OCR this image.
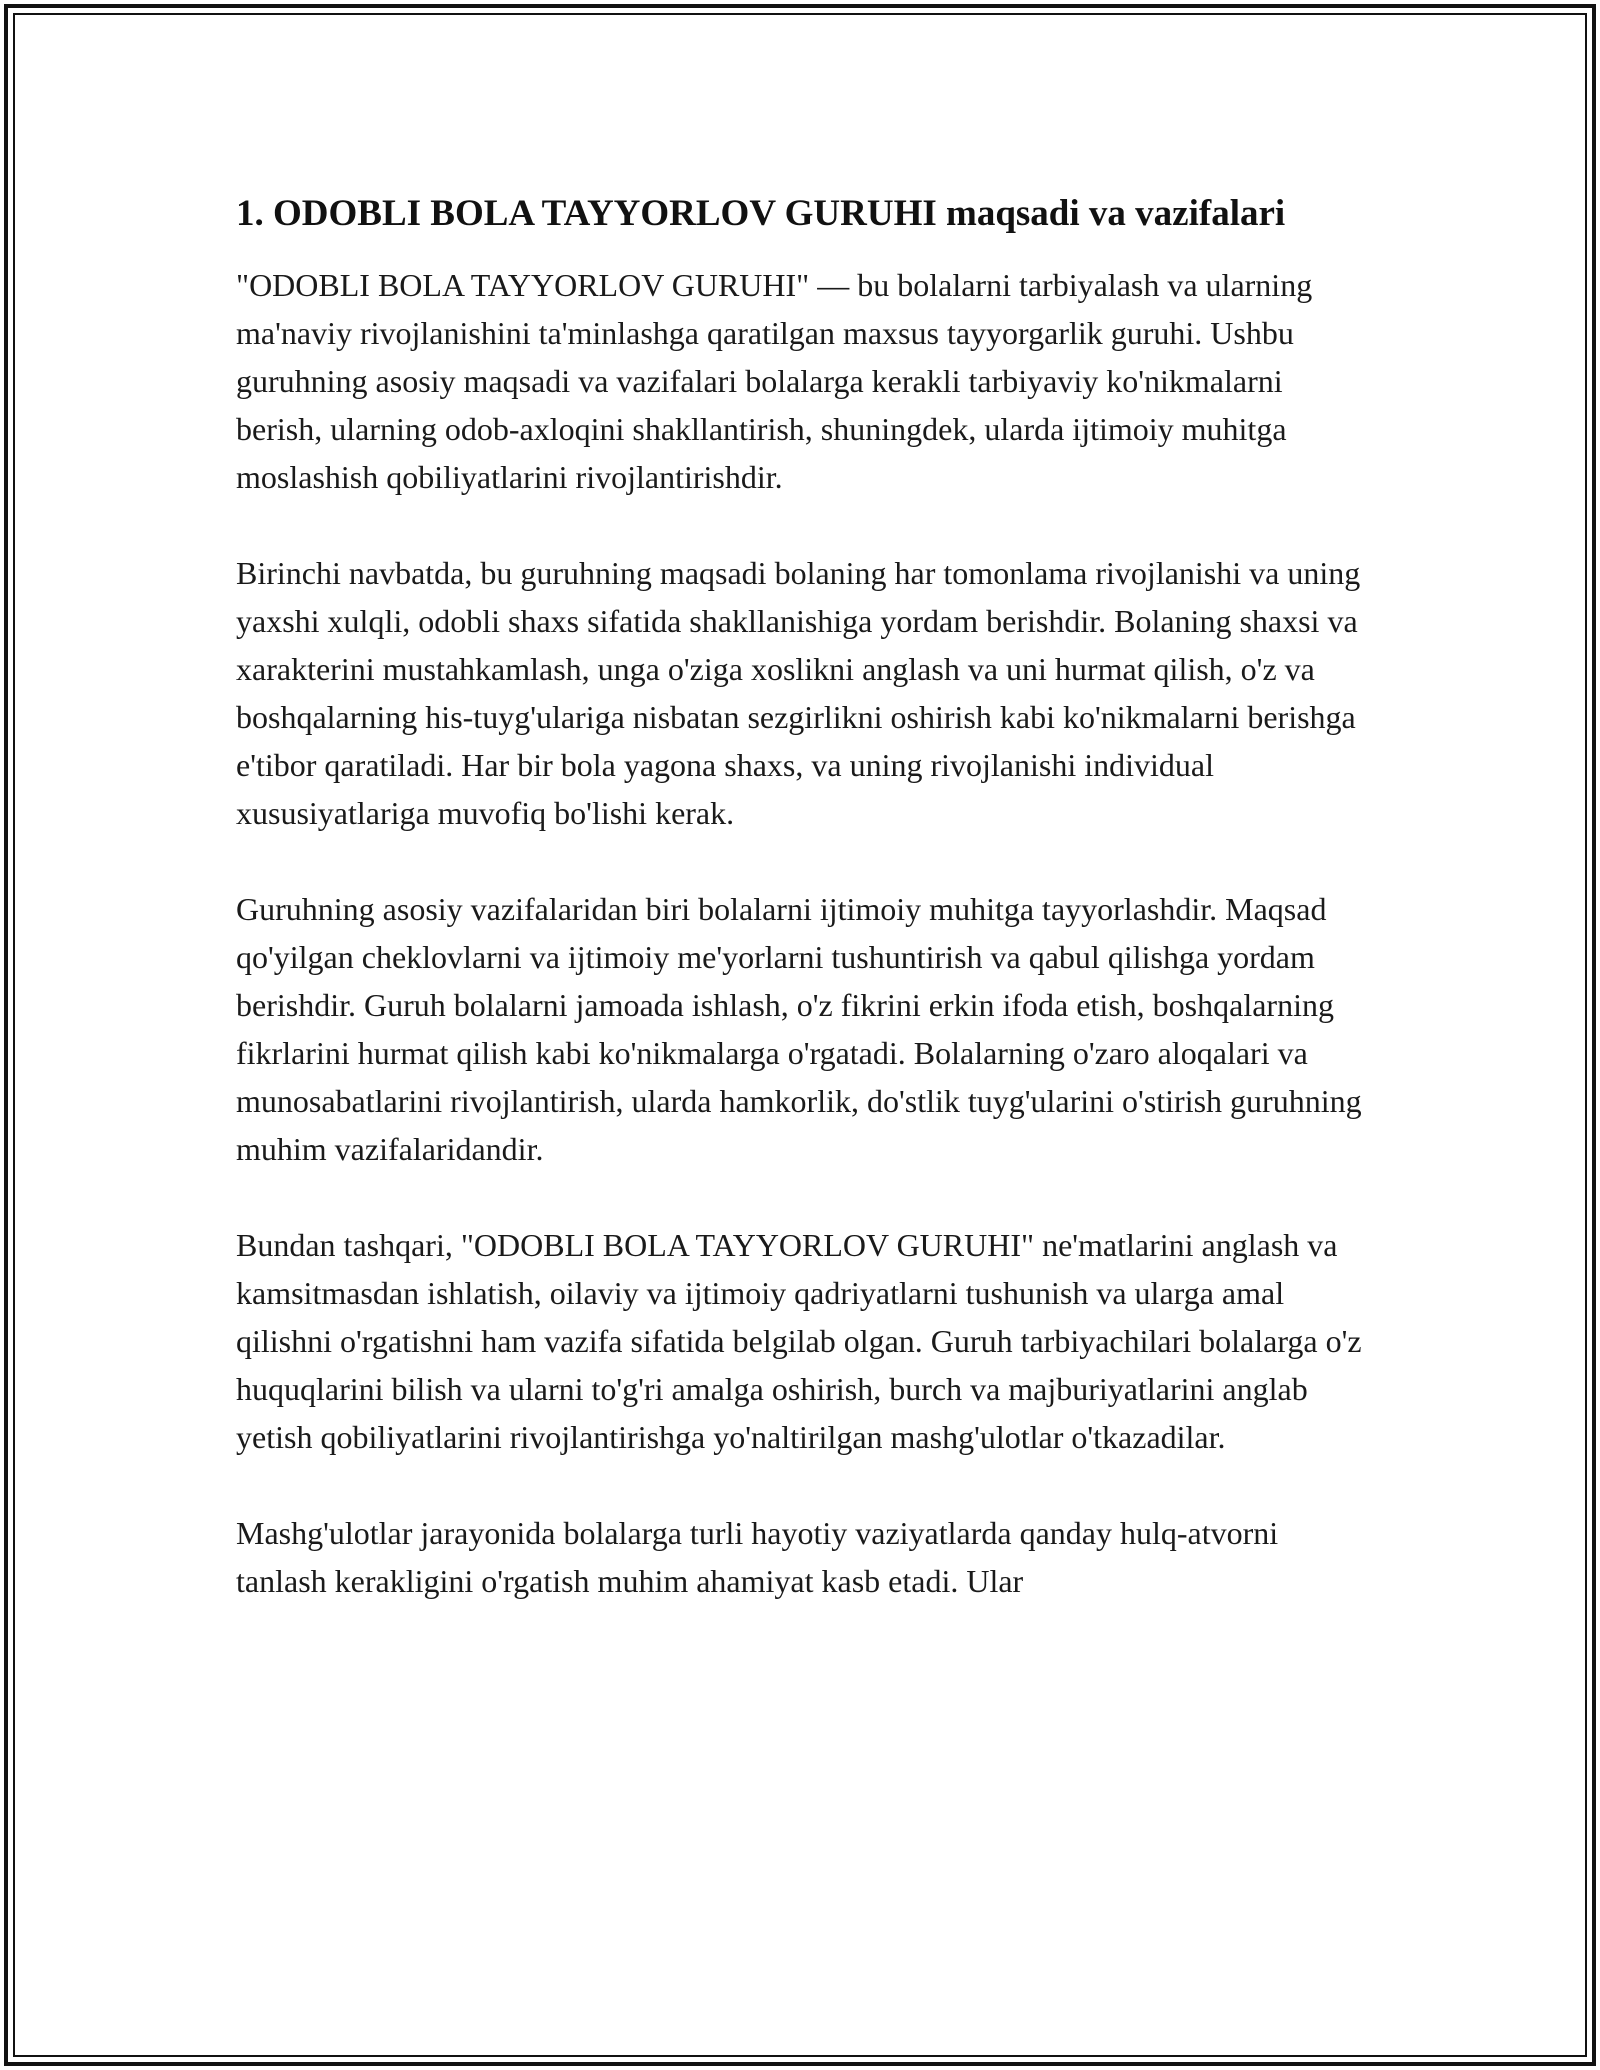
1. ODOBLI BOLA TAYYORLOV GURUHI maqsadi va vazifalari

"ODOBLI BOLA TAYYORLOV GURUHI" — bu bolalarni tarbiyalash va ularning ma'naviy rivojlanishini ta'minlashga qaratilgan maxsus tayyorgarlik guruhi. Ushbu guruhning asosiy maqsadi va vazifalari bolalarga kerakli tarbiyaviy ko'nikmalarni berish, ularning odob-axloqini shakllantirish, shuningdek, ularda ijtimoiy muhitga moslashish qobiliyatlarini rivojlantirishdir.

Birinchi navbatda, bu guruhning maqsadi bolaning har tomonlama rivojlanishi va uning yaxshi xulqli, odobli shaxs sifatida shakllanishiga yordam berishdir. Bolaning shaxsi va xarakterini mustahkamlash, unga o'ziga xoslikni anglash va uni hurmat qilish, o'z va boshqalarning his-tuyg'ulariga nisbatan sezgirlikni oshirish kabi ko'nikmalarni berishga e'tibor qaratiladi. Har bir bola yagona shaxs, va uning rivojlanishi individual xususiyatlariga muvofiq bo'lishi kerak.

Guruhning asosiy vazifalaridan biri bolalarni ijtimoiy muhitga tayyorlashdir. Maqsad qo'yilgan cheklovlarni va ijtimoiy me'yorlarni tushuntirish va qabul qilishga yordam berishdir. Guruh bolalarni jamoada ishlash, o'z fikrini erkin ifoda etish, boshqalarning fikrlarini hurmat qilish kabi ko'nikmalarga o'rgatadi. Bolalarning o'zaro aloqalari va munosabatlarini rivojlantirish, ularda hamkorlik, do'stlik tuyg'ularini o'stirish guruhning muhim vazifalaridandir.

Bundan tashqari, "ODOBLI BOLA TAYYORLOV GURUHI" ne'matlarini anglash va kamsitmasdan ishlatish, oilaviy va ijtimoiy qadriyatlarni tushunish va ularga amal qilishni o'rgatishni ham vazifa sifatida belgilab olgan. Guruh tarbiyachilari bolalarga o'z huquqlarini bilish va ularni to'g'ri amalga oshirish, burch va majburiyatlarini anglab yetish qobiliyatlarini rivojlantirishga yo'naltirilgan mashg'ulotlar o'tkazadilar.

Mashg'ulotlar jarayonida bolalarga turli hayotiy vaziyatlarda qanday hulq-atvorni tanlash kerakligini o'rgatish muhim ahamiyat kasb etadi. Ular
